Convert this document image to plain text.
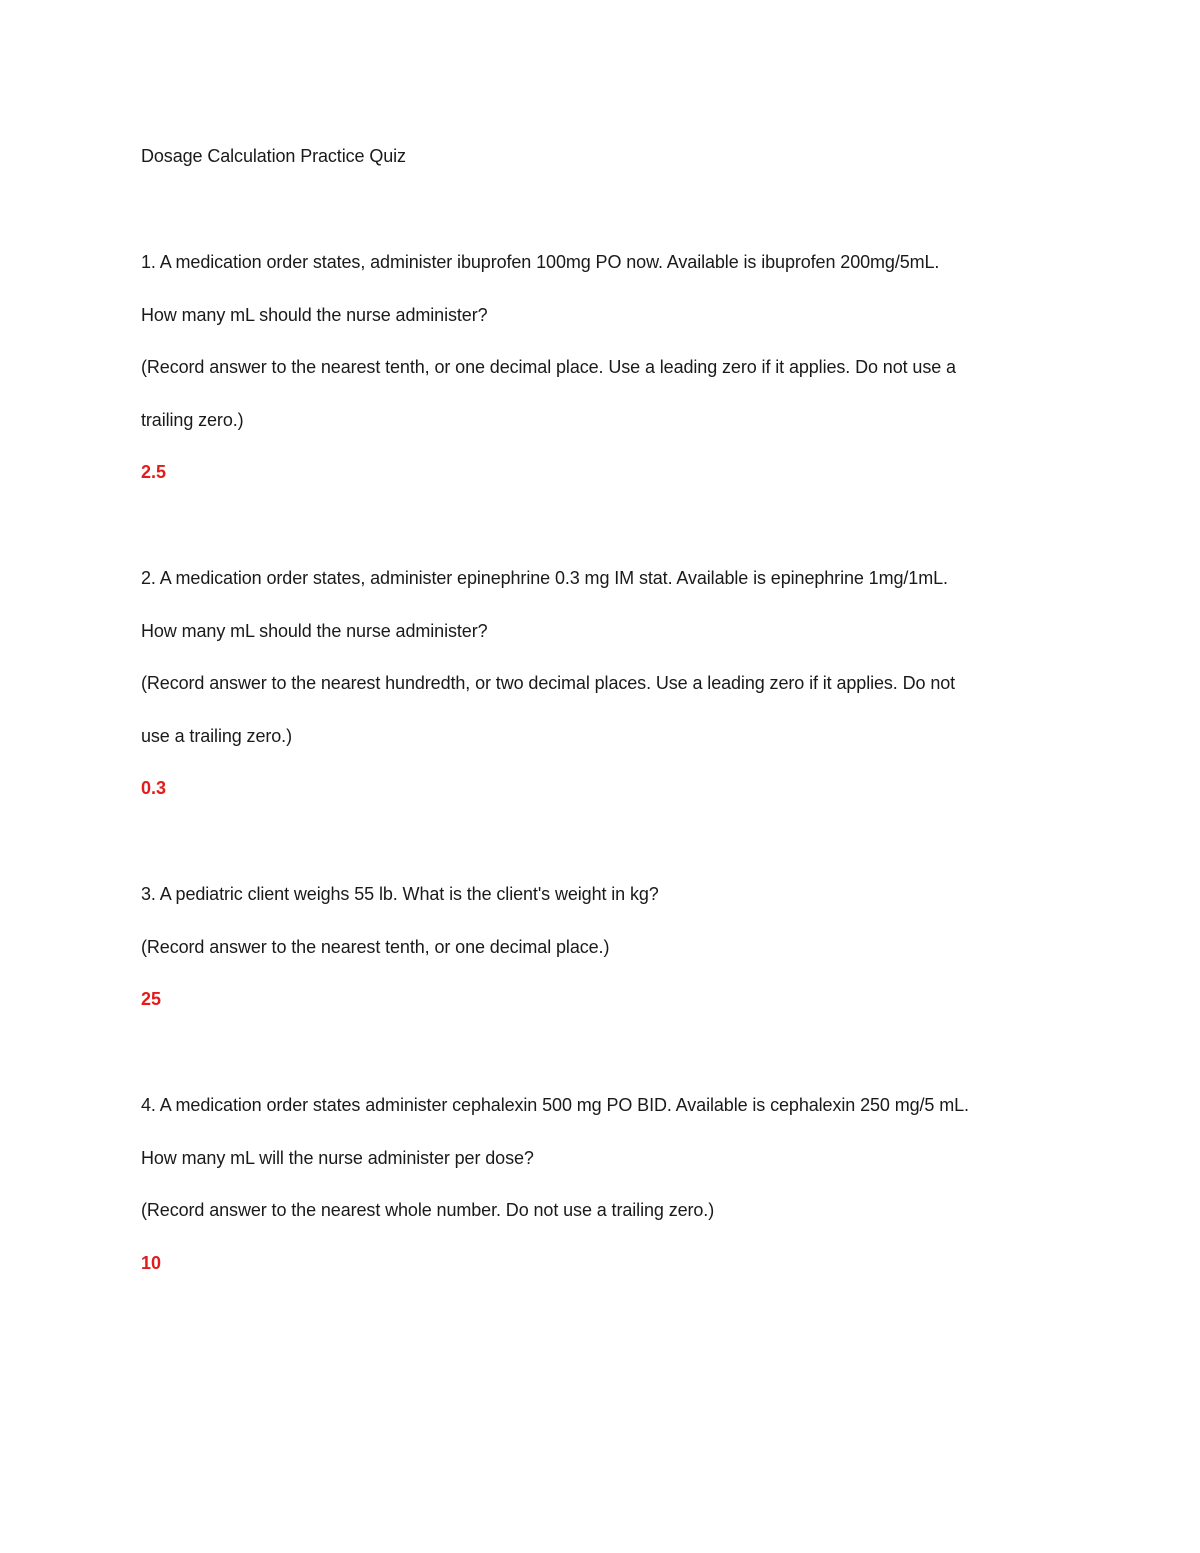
Dosage Calculation Practice Quiz
1. A medication order states, administer ibuprofen 100mg PO now. Available is ibuprofen 200mg/5mL.
How many mL should the nurse administer?
(Record answer to the nearest tenth, or one decimal place. Use a leading zero if it applies. Do not use a
trailing zero.)
2.5
2. A medication order states, administer epinephrine 0.3 mg IM stat. Available is epinephrine 1mg/1mL.
How many mL should the nurse administer?
(Record answer to the nearest hundredth, or two decimal places. Use a leading zero if it applies. Do not
use a trailing zero.)
0.3
3. A pediatric client weighs 55 lb. What is the client's weight in kg?
(Record answer to the nearest tenth, or one decimal place.)
25
4. A medication order states administer cephalexin 500 mg PO BID. Available is cephalexin 250 mg/5 mL.
How many mL will the nurse administer per dose?
(Record answer to the nearest whole number. Do not use a trailing zero.)
10
